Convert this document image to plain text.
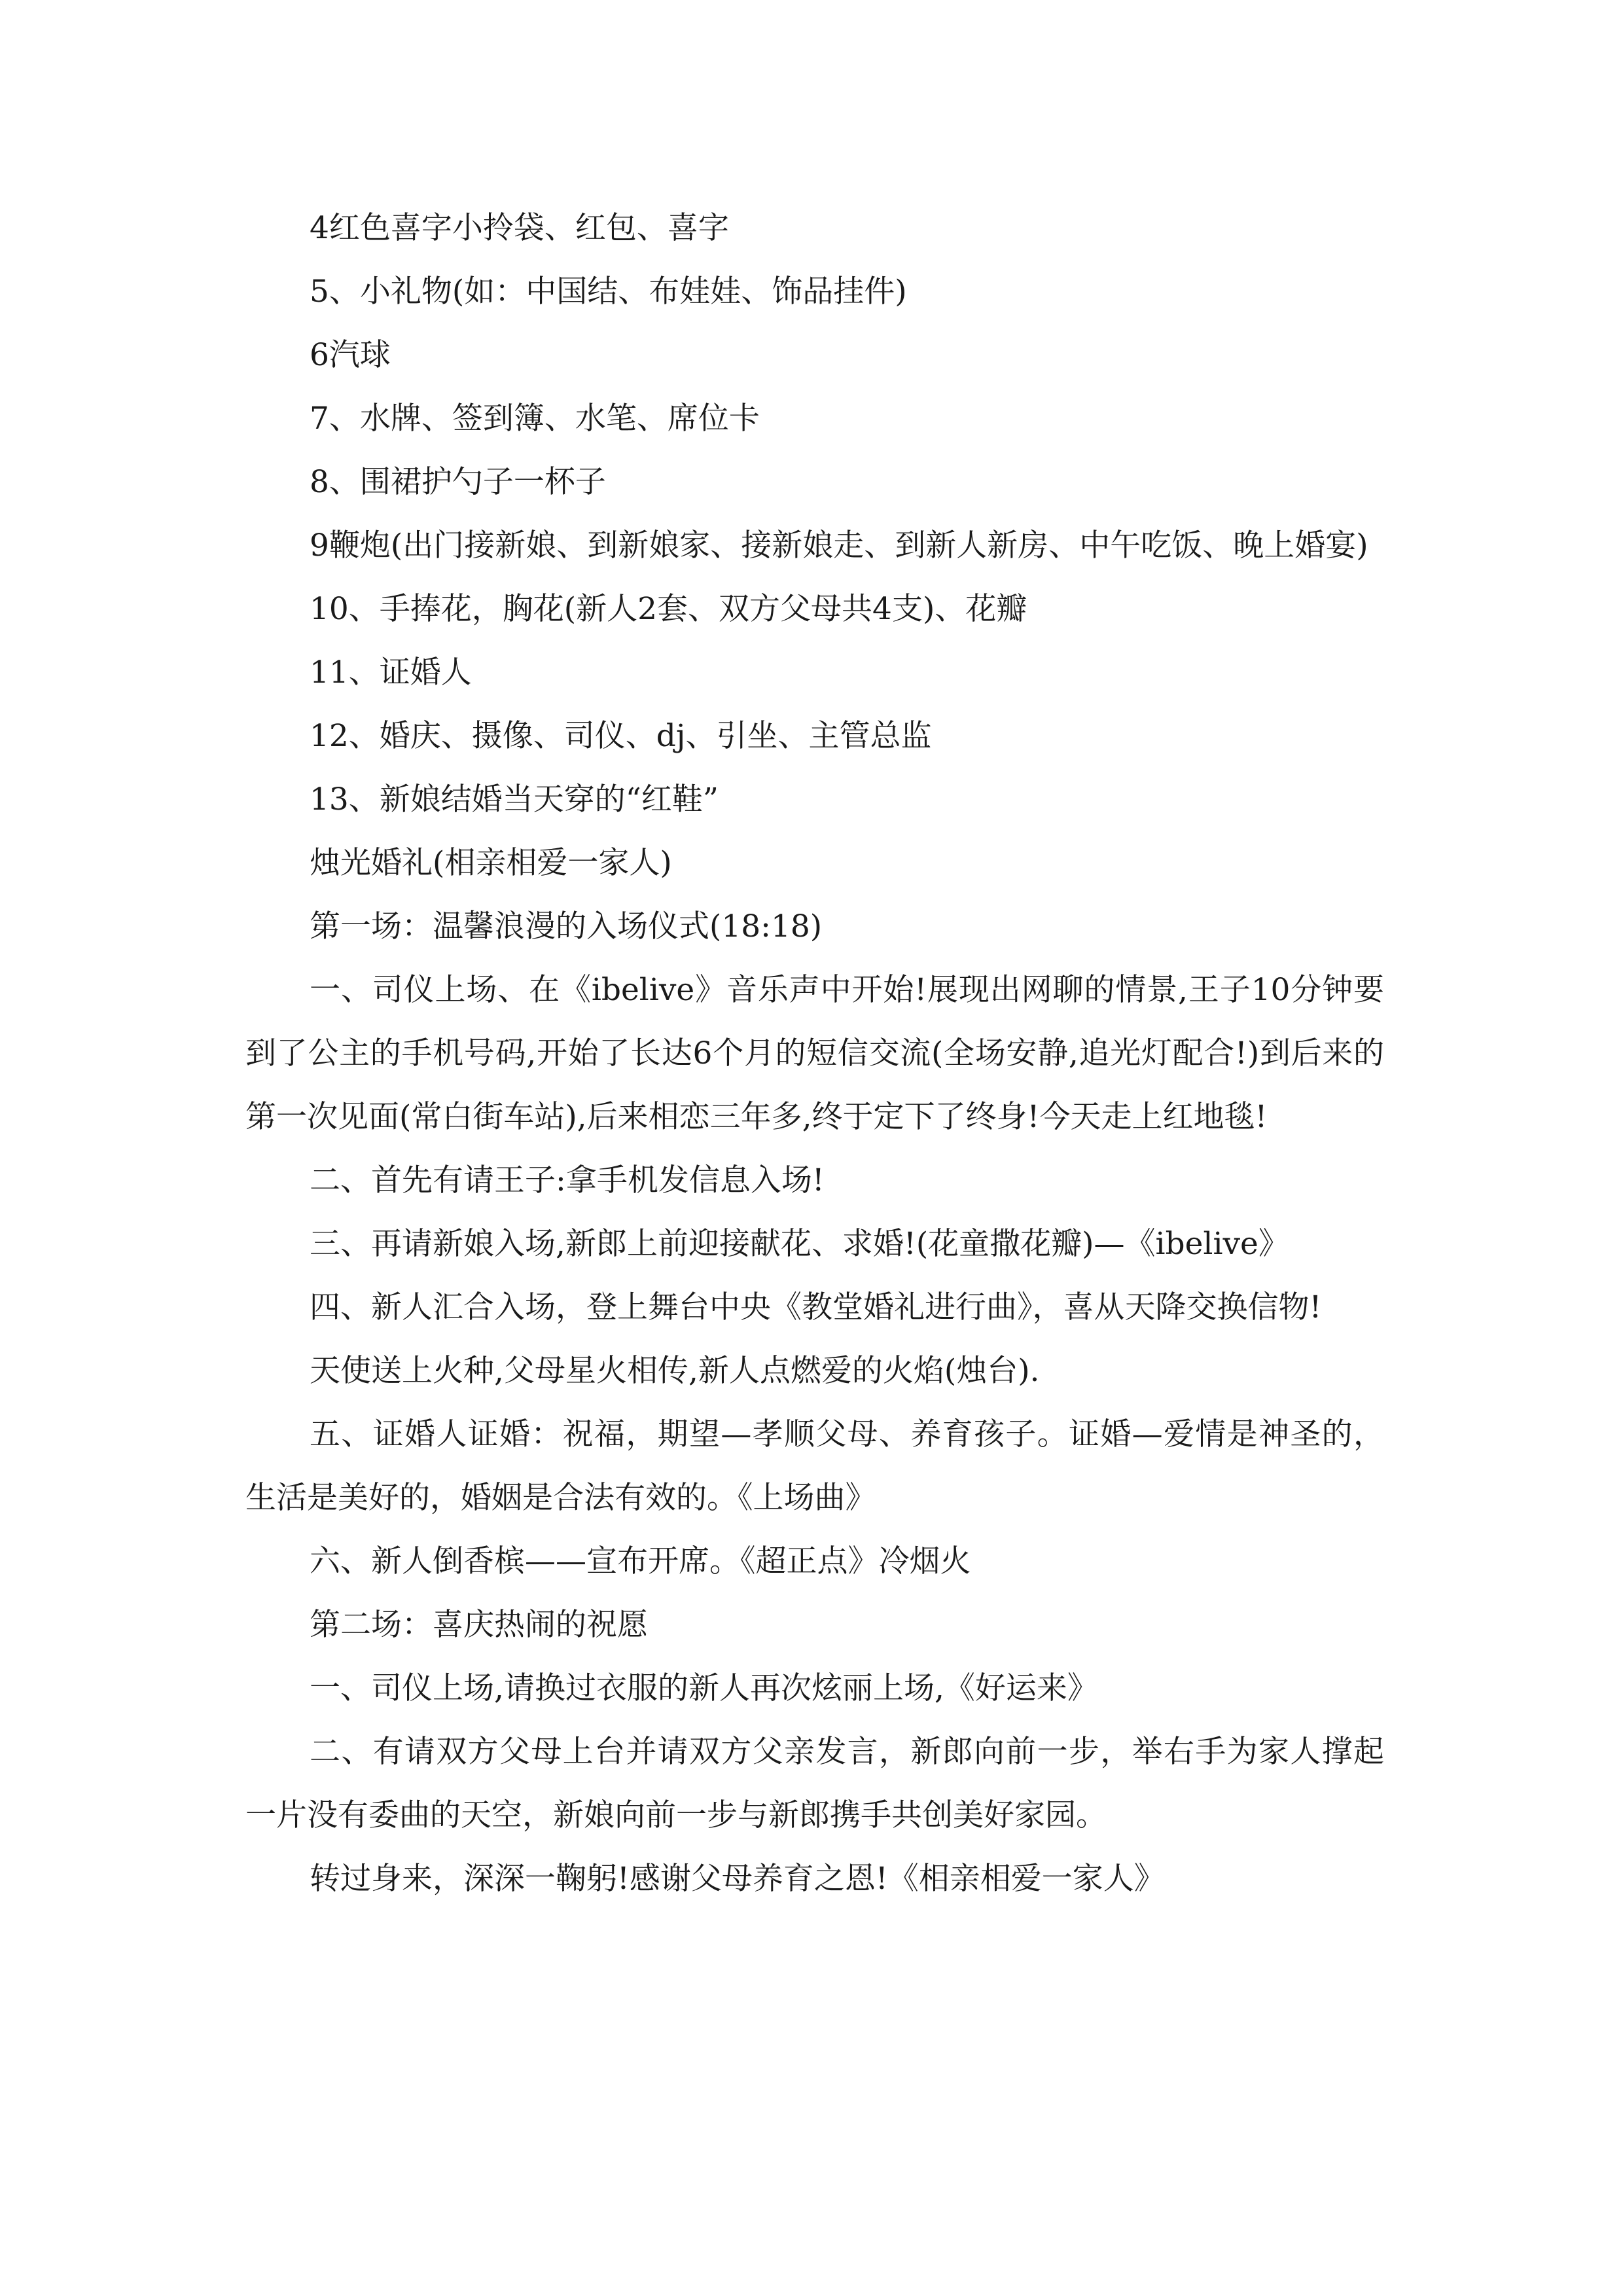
4红色喜字小拎袋、红包、喜字

5、小礼物(如：中国结、布娃娃、饰品挂件)

6汽球

7、水牌、签到簿、水笔、席位卡

8、围裙护勺子一杯子

9鞭炮(出门接新娘、到新娘家、接新娘走、到新人新房、中午吃饭、晚上婚宴)

10、手捧花，胸花(新人2套、双方父母共4支)、花瓣

11、证婚人

12、婚庆、摄像、司仪、dj、引坐、主管总监

13、新娘结婚当天穿的“红鞋”

烛光婚礼(相亲相爱一家人)

第一场：温馨浪漫的入场仪式(18:18)

一、司仪上场、在《ibelive》音乐声中开始!展现出网聊的情景,王子10分钟要到了公主的手机号码,开始了长达6个月的短信交流(全场安静,追光灯配合!)到后来的第一次见面(常白街车站),后来相恋三年多,终于定下了终身!今天走上红地毯!

二、首先有请王子:拿手机发信息入场!

三、再请新娘入场,新郎上前迎接献花、求婚!(花童撒花瓣)—《ibelive》

四、新人汇合入场，登上舞台中央《教堂婚礼进行曲》，喜从天降交换信物!

天使送上火种,父母星火相传,新人点燃爱的火焰(烛台).

五、证婚人证婚：祝福，期望—孝顺父母、养育孩子。证婚—爱情是神圣的，生活是美好的，婚姻是合法有效的。《上场曲》

六、新人倒香槟——宣布开席。《超正点》冷烟火

第二场：喜庆热闹的祝愿

一、司仪上场,请换过衣服的新人再次炫丽上场,《好运来》

二、有请双方父母上台并请双方父亲发言，新郎向前一步，举右手为家人撑起一片没有委曲的天空，新娘向前一步与新郎携手共创美好家园。

转过身来，深深一鞠躬!感谢父母养育之恩!《相亲相爱一家人》
